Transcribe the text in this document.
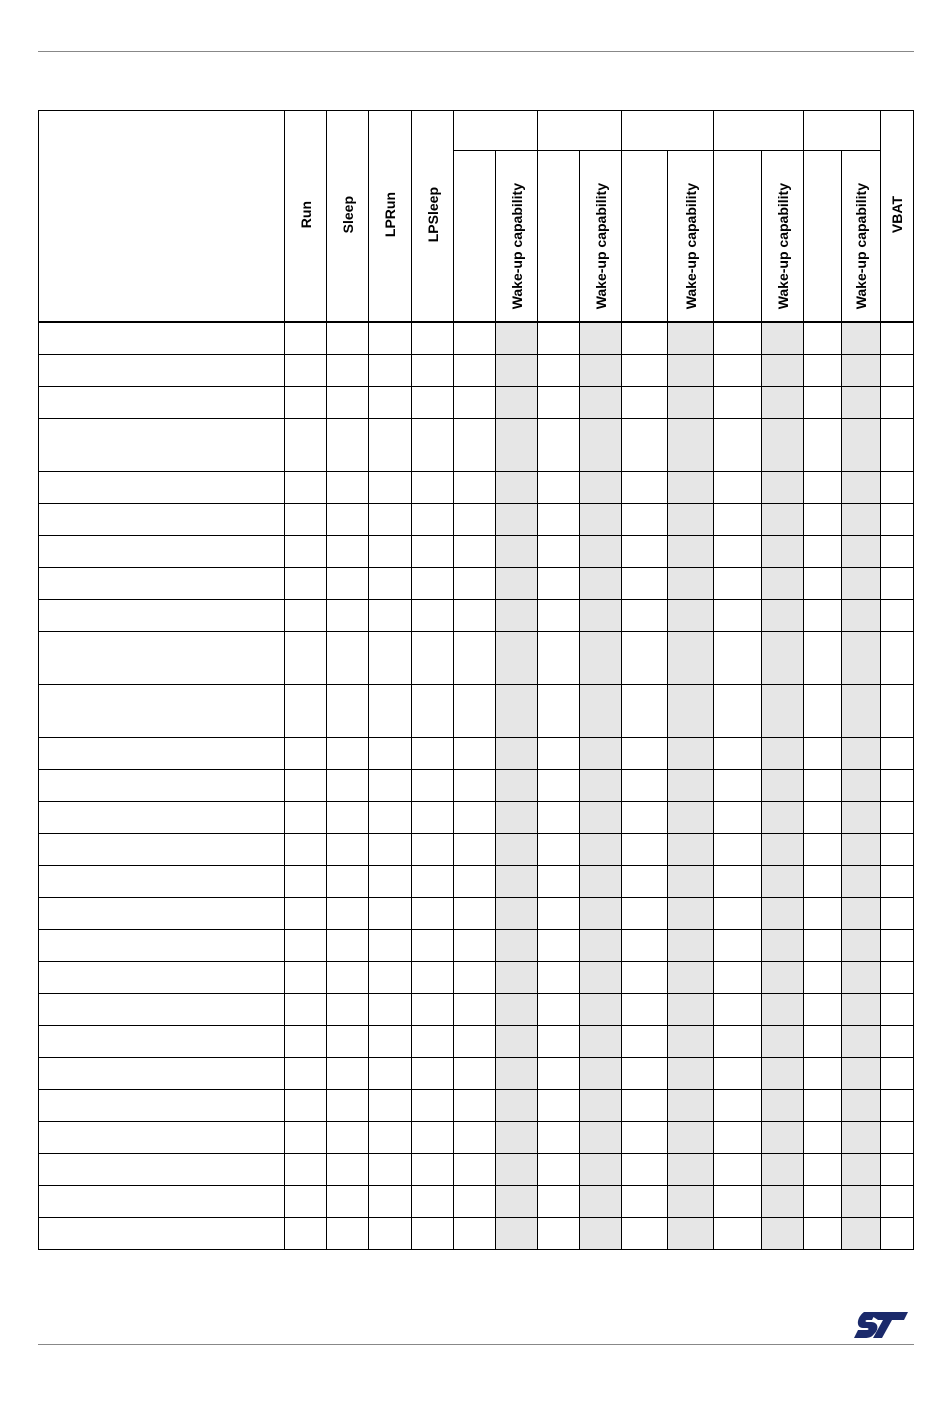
	Run	Sleep	LPRun	LPSleep											VBAT
						Wake-up capability		Wake-up capability		Wake-up capability		Wake-up capability		Wake-up capability	
